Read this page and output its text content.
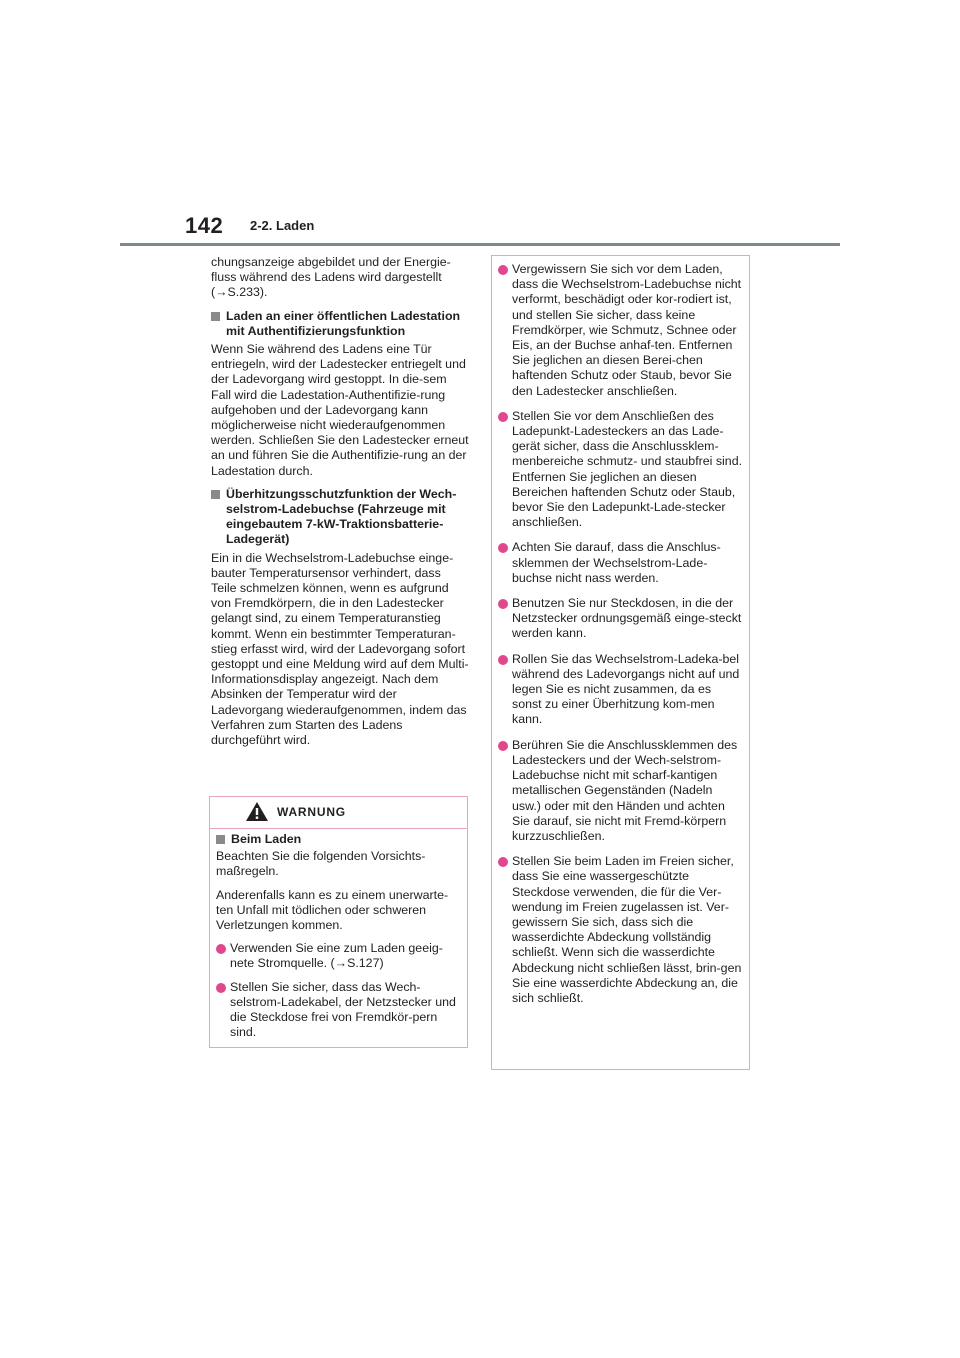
142 2-2. Laden

chungsanzeige abgebildet und der Energie-fluss während des Ladens wird dargestellt (→S.233).

Laden an einer öffentlichen Ladestation mit Authentifizierungsfunktion

Wenn Sie während des Ladens eine Tür entriegeln, wird der Ladestecker entriegelt und der Ladevorgang wird gestoppt. In die-sem Fall wird die Ladestation-Authentifizie-rung aufgehoben und der Ladevorgang kann möglicherweise nicht wiederaufgenommen werden. Schließen Sie den Ladestecker erneut an und führen Sie die Authentifizie-rung an der Ladestation durch.

Überhitzungsschutzfunktion der Wech-selstrom-Ladebuchse (Fahrzeuge mit eingebautem 7-kW-Traktionsbatterie-Ladegerät)

Ein in die Wechselstrom-Ladebuchse einge-bauter Temperatursensor verhindert, dass Teile schmelzen können, wenn es aufgrund von Fremdkörpern, die in den Ladestecker gelangt sind, zu einem Temperaturanstieg kommt. Wenn ein bestimmter Temperaturan-stieg erfasst wird, wird der Ladevorgang sofort gestoppt und eine Meldung wird auf dem Multi-Informationsdisplay angezeigt. Nach dem Absinken der Temperatur wird der Ladevorgang wiederaufgenommen, indem das Verfahren zum Starten des Ladens durchgeführt wird.

WARNUNG
Beim Laden

Beachten Sie die folgenden Vorsichts-maßregeln.

Anderenfalls kann es zu einem unerwarte-ten Unfall mit tödlichen oder schweren Verletzungen kommen.

Verwenden Sie eine zum Laden geeig-nete Stromquelle. (→S.127)
Stellen Sie sicher, dass das Wech-selstrom-Ladekabel, der Netzstecker und die Steckdose frei von Fremdkör-pern sind.
Vergewissern Sie sich vor dem Laden, dass die Wechselstrom-Ladebuchse nicht verformt, beschädigt oder kor-rodiert ist, und stellen Sie sicher, dass keine Fremdkörper, wie Schmutz, Schnee oder Eis, an der Buchse anhaf-ten. Entfernen Sie jeglichen an diesen Berei-chen haftenden Schutz oder Staub, bevor Sie den Ladestecker anschließen.
Stellen Sie vor dem Anschließen des Ladepunkt-Ladesteckers an das Lade-gerät sicher, dass die Anschlussklem-menbereiche schmutz- und staubfrei sind. Entfernen Sie jeglichen an diesen Bereichen haftenden Schutz oder Staub, bevor Sie den Ladepunkt-Lade-stecker anschließen.
Achten Sie darauf, dass die Anschlus-sklemmen der Wechselstrom-Lade-buchse nicht nass werden.
Benutzen Sie nur Steckdosen, in die der Netzstecker ordnungsgemäß einge-steckt werden kann.
Rollen Sie das Wechselstrom-Ladeka-bel während des Ladevorgangs nicht auf und legen Sie es nicht zusammen, da es sonst zu einer Überhitzung kom-men kann.
Berühren Sie die Anschlussklemmen des Ladesteckers und der Wech-selstrom-Ladebuchse nicht mit scharf-kantigen metallischen Gegenständen (Nadeln usw.) oder mit den Händen und achten Sie darauf, sie nicht mit Fremd-körpern kurzzuschließen.
Stellen Sie beim Laden im Freien sicher, dass Sie eine wassergeschützte Steckdose verwenden, die für die Ver-wendung im Freien zugelassen ist. Ver-gewissern Sie sich, dass sich die wasserdichte Abdeckung vollständig schließt. Wenn sich die wasserdichte Abdeckung nicht schließen lässt, brin-gen Sie eine wasserdichte Abdeckung an, die sich schließt.
